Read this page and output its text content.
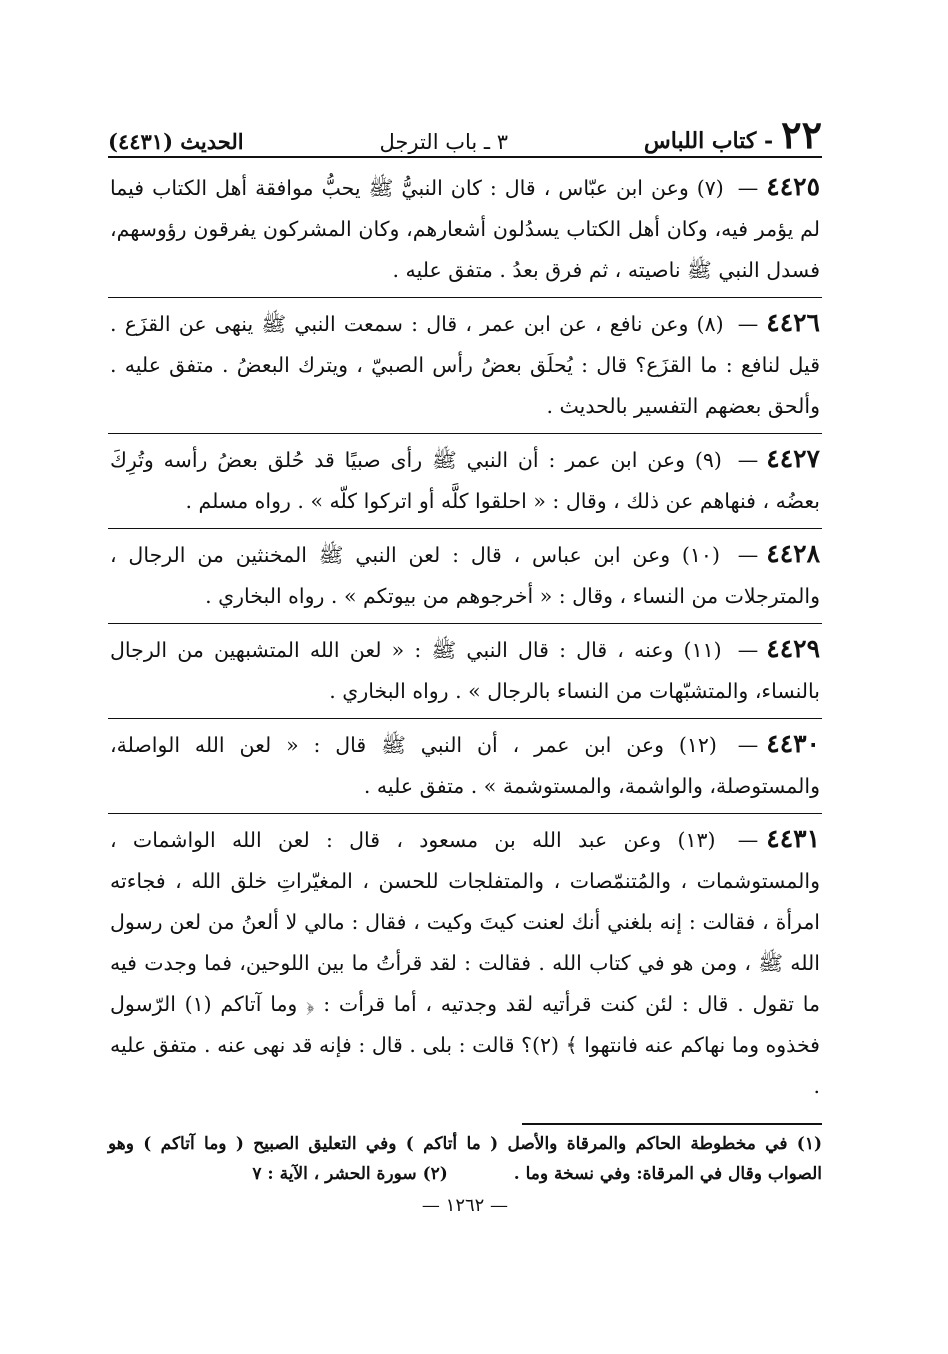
٢٢
- كتاب اللباس
٣ ـ باب الترجل
الحديث (٤٤٣١)
٤٤٢٥— (٧) وعن ابن عبّاس ، قال : كان النبيُّ ﷺ يحبُّ موافقة أهل الكتاب فيما لم يؤمر فيه، وكان أهل الكتاب يسدُلون أشعارهم، وكان المشركون يفرقون رؤوسهم، فسدل النبي ﷺ ناصيته ، ثم فرق بعدُ . متفق عليه .
٤٤٢٦— (٨) وعن نافع ، عن ابن عمر ، قال : سمعت النبي ﷺ ينهى عن القزَع . قيل لنافع : ما القزَع؟ قال : يُحلَق بعضُ رأس الصبيّ ، ويترك البعضُ . متفق عليه . وألحق بعضهم التفسير بالحديث .
٤٤٢٧— (٩) وعن ابن عمر : أن النبي ﷺ رأى صبيًا قد حُلق بعضُ رأسه وتُرِكَ بعضُه ، فنهاهم عن ذلك ، وقال : « احلقوا كلَّه أو اتركوا كلّه » . رواه مسلم .
٤٤٢٨— (١٠) وعن ابن عباس ، قال : لعن النبي ﷺ المخنثين من الرجال ، والمترجلات من النساء ، وقال : « أخرجوهم من بيوتكم » . رواه البخاري .
٤٤٢٩— (١١) وعنه ، قال : قال النبي ﷺ : « لعن الله المتشبهين من الرجال بالنساء، والمتشبّهات من النساء بالرجال » . رواه البخاري .
٤٤٣٠— (١٢) وعن ابن عمر ، أن النبي ﷺ قال : « لعن الله الواصلة، والمستوصلة، والواشمة، والمستوشمة » . متفق عليه .
٤٤٣١— (١٣) وعن عبد الله بن مسعود ، قال : لعن الله الواشمات ، والمستوشمات ، والمُتنمّصات ، والمتفلجات للحسن ، المغيّراتِ خلق الله ، فجاءته امرأة ، فقالت : إنه بلغني أنك لعنت كيتَ وكيت ، فقال : مالي لا ألعنُ من لعن رسول الله ﷺ ، ومن هو في كتاب الله . فقالت : لقد قرأتُ ما بين اللوحين، فما وجدت فيه ما تقول . قال : لئن كنت قرأتيه لقد وجدتيه ، أما قرأت : ﴿ وما آتاكم (١) الرّسول فخذوه وما نهاكم عنه فانتهوا ﴾ (٢)؟ قالت : بلى . قال : فإنه قد نهى عنه . متفق عليه .
(١) في مخطوطة الحاكم والمرقاة والأصل ( ما أتاكم ) وفي التعليق الصبيح ( وما آتاكم ) وهو الصواب وقال في المرقاة: وفي نسخة وما . (٢) سورة الحشر ، الآية : ٧
— ١٢٦٢ —
